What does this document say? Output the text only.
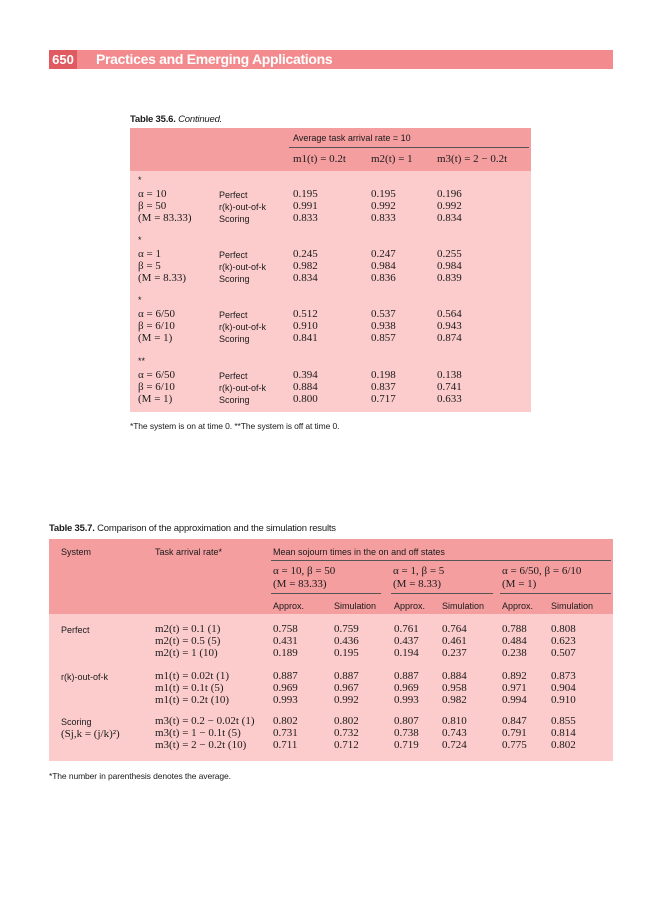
650 Practices and Emerging Applications
Table 35.6. Continued.
Average task arrival rate = 10
m1(t) = 0.2t m2(t) = 1 m3(t) = 2 − 0.2t
*
α = 10	Perfect	0.195	0.195	0.196
β = 50	r(k)-out-of-k 0.991	0.992	0.992
(M = 83.33)	Scoring	0.833	0.833	0.834
*
α = 1	Perfect	0.245	0.247	0.255
β = 5	r(k)-out-of-k 0.982	0.984	0.984
(M = 8.33)	Scoring	0.834	0.836	0.839
*
α = 6/50	Perfect	0.512	0.537	0.564
β = 6/10	r(k)-out-of-k 0.910	0.938	0.943
(M = 1)	Scoring	0.841	0.857	0.874
**
α = 6/50	Perfect	0.394	0.198	0.138
β = 6/10	r(k)-out-of-k 0.884	0.837	0.741
(M = 1)	Scoring	0.800	0.717	0.633
*The system is on at time 0. **The system is off at time 0.
Table 35.7. Comparison of the approximation and the simulation results
System	Task arrival rate*	Mean sojourn times in the on and off states
α = 10, β = 50
(M = 83.33)
α = 1, β = 5
(M = 8.33)
α = 6/50, β = 6/10
(M = 1)
Approx.	Simulation Approx. Simulation Approx. Simulation
Perfect	m2(t) = 0.1 (1)	0.758	0.759	0.761 0.764	0.788 0.808
m2(t) = 0.5 (5)	0.431	0.436	0.437 0.461	0.484 0.623
m2(t) = 1 (10)	0.189	0.195	0.194 0.237	0.238 0.507
r(k)-out-of-k	m1(t) = 0.02t (1)	0.887	0.887	0.887 0.884	0.892 0.873
m1(t) = 0.1t (5)	0.969	0.967	0.969 0.958	0.971 0.904
m1(t) = 0.2t (10)	0.993	0.992	0.993 0.982	0.994 0.910
Scoring
(Sj,k = (j/k)²)
m3(t) = 0.2 − 0.02t (1) 0.802	0.802	0.807 0.810	0.847 0.855
m3(t) = 1 − 0.1t (5)	0.731	0.732	0.738 0.743	0.791 0.814
m3(t) = 2 − 0.2t (10) 0.711	0.712	0.719 0.724	0.775 0.802
*The number in parenthesis denotes the average.
